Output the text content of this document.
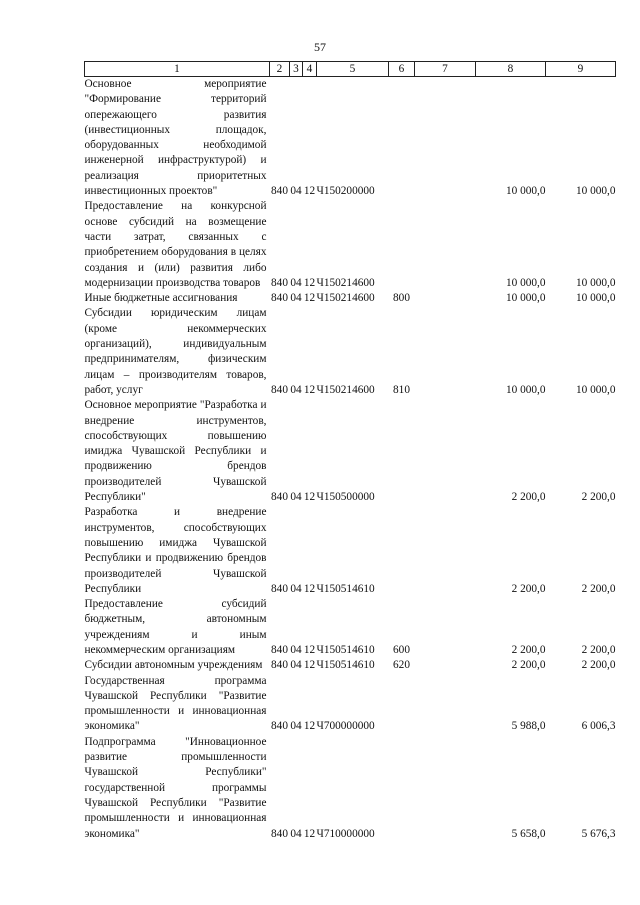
57
1	2	3	4	5	6	7	8	9
Основное мероприятие "Формирование территорий опережающего развития (инвестиционных площадок, оборудованных необходимой инженерной инфраструктурой) и реализация приоритетных инвестиционных проектов"	840	04	12	Ч150200000			10 000,0	10 000,0
Предоставление на конкурсной основе субсидий на возмещение части затрат, связанных с приобретением оборудования в целях создания и (или) развития либо модернизации производства товаров	840	04	12	Ч150214600			10 000,0	10 000,0
Иные бюджетные ассигнования	840	04	12	Ч150214600	800		10 000,0	10 000,0
Субсидии юридическим лицам (кроме некоммерческих организаций), индивидуальным предпринимателям, физическим лицам – производителям товаров, работ, услуг	840	04	12	Ч150214600	810		10 000,0	10 000,0
Основное мероприятие "Разработка и внедрение инструментов, способствующих повышению имиджа Чувашской Республики и продвижению брендов производителей Чувашской Республики"	840	04	12	Ч150500000			2 200,0	2 200,0
Разработка и внедрение инструментов, способствующих повышению имиджа Чувашской Республики и продвижению брендов производителей Чувашской Республики	840	04	12	Ч150514610			2 200,0	2 200,0
Предоставление субсидий бюджетным, автономным учреждениям и иным некоммерческим организациям	840	04	12	Ч150514610	600		2 200,0	2 200,0
Субсидии автономным учреждениям	840	04	12	Ч150514610	620		2 200,0	2 200,0
Государственная программа Чувашской Республики "Развитие промышленности и инновационная экономика"	840	04	12	Ч700000000			5 988,0	6 006,3
Подпрограмма "Инновационное развитие промышленности Чувашской Республики" государственной программы Чувашской Республики "Развитие промышленности и инновационная экономика"	840	04	12	Ч710000000			5 658,0	5 676,3
